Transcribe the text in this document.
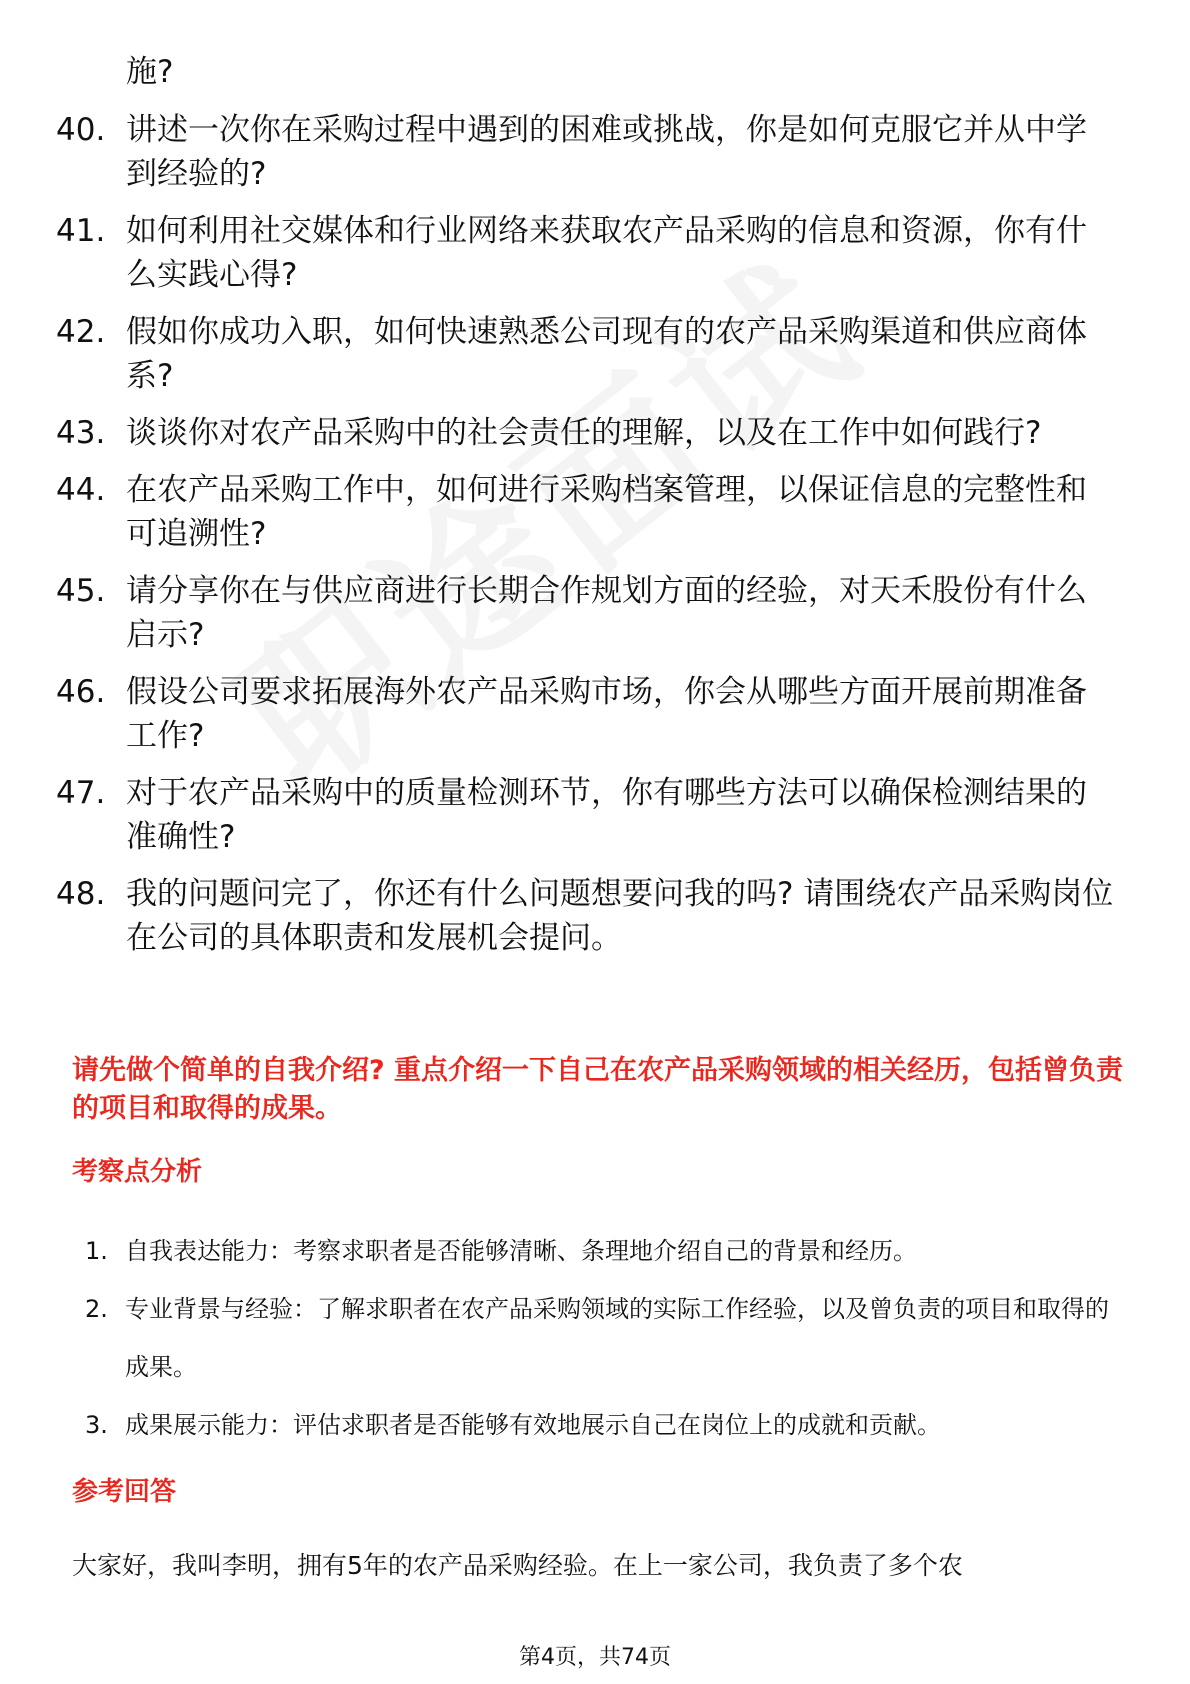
施?

40. 讲述一次你在采购过程中遇到的困难或挑战，你是如何克服它并从中学到经验的?
41. 如何利用社交媒体和行业网络来获取农产品采购的信息和资源，你有什么实践心得?
42. 假如你成功入职，如何快速熟悉公司现有的农产品采购渠道和供应商体系?
43. 谈谈你对农产品采购中的社会责任的理解，以及在工作中如何践行?
44. 在农产品采购工作中，如何进行采购档案管理，以保证信息的完整性和可追溯性?
45. 请分享你在与供应商进行长期合作规划方面的经验，对天禾股份有什么启示?
46. 假设公司要求拓展海外农产品采购市场，你会从哪些方面开展前期准备工作?
47. 对于农产品采购中的质量检测环节，你有哪些方法可以确保检测结果的准确性?
48. 我的问题问完了，你还有什么问题想要问我的吗? 请围绕农产品采购岗位在公司的具体职责和发展机会提问。

请先做个简单的自我介绍? 重点介绍一下自己在农产品采购领域的相关经历，包括曾负责的项目和取得的成果。

考察点分析
1. 自我表达能力：考察求职者是否能够清晰、条理地介绍自己的背景和经历。
2. 专业背景与经验：了解求职者在农产品采购领域的实际工作经验，以及曾负责的项目和取得的成果。
3. 成果展示能力：评估求职者是否能够有效地展示自己在岗位上的成就和贡献。
参考回答

大家好，我叫李明，拥有5年的农产品采购经验。在上一家公司，我负责了多个农

第4页，共74页
